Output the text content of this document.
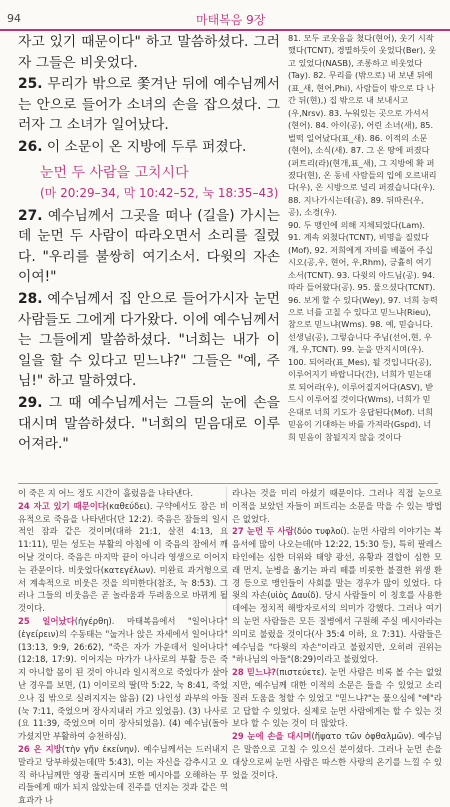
94	마태복음 9장

자고 있기 때문이다" 하고 말씀하셨다. 그러자 그들은 비웃었다.

25. 무리가 밖으로 쫓겨난 뒤에 예수님께서는 안으로 들어가 소녀의 손을 잡으셨다. 그러자 그 소녀가 일어났다.

26. 이 소문이 온 지방에 두루 퍼졌다.

눈먼 두 사람을 고치시다
(마 20:29–34, 막 10:42–52, 눅 18:35–43)

27. 예수님께서 그곳을 떠나 (길을) 가시는데 눈먼 두 사람이 따라오면서 소리를 질렀다. "우리를 불쌍히 여기소서. 다윗의 자손이여!"

28. 예수님께서 집 안으로 들어가시자 눈먼 사람들도 그에게 다가왔다. 이에 예수님께서는 그들에게 말씀하셨다. "너희는 내가 이 일을 할 수 있다고 믿느냐?" 그들은 "예, 주님!" 하고 말하였다.

29. 그 때 예수님께서는 그들의 눈에 손을 대시며 말씀하셨다. "너희의 믿음대로 이루어져라."

81. 모두 코웃음을 쳤다(현어), 웃기 시작했다(TCNT), 경멸하듯이 웃었다(Ber), 웃고 있었다(NASB), 조롱하고 비웃었다(Tay). 82. 무리를 (밖으로) 내 보낸 뒤에(표_새, 현어,Phi), 사람들이 밖으로 다 나간 뒤(현),) 집 밖으로 내 보내시고(우,Nrsv). 83. 누워있는 곳으로 가셔서(현어). 84. 아이(공), 어린 소녀(새), 85. 벌떡 일어났다(표_새). 86. 이적의 소문(현어), 소식(새). 87. 그 온 땅에 퍼졌다(퍼트리(라)(현개,표_새), 그 지방에 확 퍼졌다(현), 온 동네 사람들의 입에 오르내리다(우), 온 시방으로 널리 퍼졌습니다(우). 88. 지나가시는데(공), 89. 뒤따른(우, 공), 소경(우).
90. 두 맹인에 의해 지체되었다(Lam). 91. 계속 외쳤다(TCNT), 비명을 질렀다(Mof), 92. 저희에게 자비를 베풀어 주십시오(공,우, 현어, 우,Rhm), 긍휼히 여기소서(TCNT). 93. 다윗의 아드님(공). 94. 따라 들어왔다(공). 95. 물으셨다(TCNT). 96. 보게 할 수 있다(Wey), 97. 너희 능력으로 너를 고칠 수 있다고 믿느냐(Rieu), 참으로 믿느냐(Wms). 98. 예, 믿습니다. 선생님(공), 그렇습니다 주님(선어,현, 우개, 우,TCNT). 99. 눈을 만지시며(우).
100. 되어라(표_Mes), 될 것입니다(공), 이루어지기 바랍니다(간), 너희가 믿는대로 되어라(우), 이루어질지어다(ASV), 받드시 이루어질 것이다(Wms), 너희가 믿은대로 너희 기도가 응답된다(Mof). 너희 믿음이 기대하는 바를 가져라(Gspd), 너희 믿음이 참될지지 않을 것이다

이 죽은 지 어느 정도 시간이 흘렀음을 나타낸다.

24 자고 있기 때문이다(καθεύδει). 구약에서도 잠은 비유적으로 죽음을 나타낸다(단 12:2). 죽음은 잠들의 일시적인 잠과 같은 것이며(대하 21:1, 살전 4:13, 요 11:11), 믿는 성도는 부활의 아침에 이 죽음의 잠에서 깨어날 것이다. 죽음은 마지막 끝이 아니라 영생으로 이어지는 관문이다. 비웃었다(κατεγέλων). 미완료 과거형으로서 계속적으로 비웃은 것을 의미한다(참조, 눅 8:53). 그러나 그들의 비웃음은 곧 놀라움과 두려움으로 바뀌게 될 것이다.

25 일어났다(ἠγέρθη). 마태복음에서 "일어나다"(ἐγείρειν)의 수동태는 "눕거나 앉은 자세에서 일어나다"(13:13, 9:9, 26:62), "죽은 자가 가운데서 일어나다"(12:18, 17:9). 이어지는 마가가 나사로의 부활 등은 죽지 아니할 몸이 된 것이 아니라 일시적으로 죽었다가 살아난 경우를 보면, (1) 이이로의 딸(막 5:22, 눅 8:41, 죽었으나 집 밖으로 실려지지는 않음) (2) 나인성 과부의 아들(눅 7:11, 죽었으며 장사지내러 가고 있었음). (3) 나사로(요 11:39, 죽었으며 이미 장사되었음). (4) 예수님(돌아가셨지만 부활하여 승천하심).

26 온 지방(τὴν γῆν ἐκείνην). 예수님께서는 드러내지 말라고 당부하셨는데(막 5:43), 이는 자신을 감추시고 오직 하나님께만 영광 돌리시며 또한 메시아를 오해하는 무리들에게 때가 되지 않았는데 진주를 던지는 것과 같은 역효과가 나

라나는 것을 미리 아셨기 때문이다. 그러나 직접 눈으로 이적을 보았던 자들이 퍼트리는 소문을 막을 수 있는 방법은 없었다.

27 눈먼 두 사람(δύο τυφλοί). 눈먼 사람의 이야기는 복음서에 많이 나오는데(마 12:22, 15:30 등), 특히 팔레스타인에는 심한 더위와 태양 광선, 유황과 결합이 심한 모래 먼지, 눈병을 옮기는 파리 떼를 비롯한 불결한 위생 환경 등으로 맹인들이 사회를 말는 경우가 많이 있었다. 다윗의 자손(υἱὸς Δαυίδ). 당시 사람들이 이 칭호를 사용한 데에는 정치적 해방자로서의 의미가 강했다. 그러나 여기의 눈먼 사람들은 모든 질병에서 구원해 주실 메시아라는 의미로 불렀을 것이다(사 35:4 이하, 요 7:31). 사람들은 예수님을 "다윗의 자손"이라고 불렀지만, 오히려 권위는 "하나님의 아들"(8:29)이라고 불렀었다.

28 믿느냐?(πιστεύετε). 눈먼 사람은 비록 볼 수는 없었지만, 예수님께 대한 이적의 소문은 들을 수 있었고 소리 질러 도움을 청할 수 있었고 "믿느냐?"는 물으심에 "예"라고 답할 수 있었다. 실제로 눈먼 사람에게는 할 수 있는 것보다 할 수 있는 것이 더 많았다.

29 눈에 손을 대시며(ἥψατο τῶν ὀφθαλμῶν). 예수님은 말씀으로 고칠 수 있으신 분이셨다. 그러나 눈먼 손을 대상으로써 눈먼 사람은 따스한 사랑의 온기를 느낄 수 있었을 것이다.
